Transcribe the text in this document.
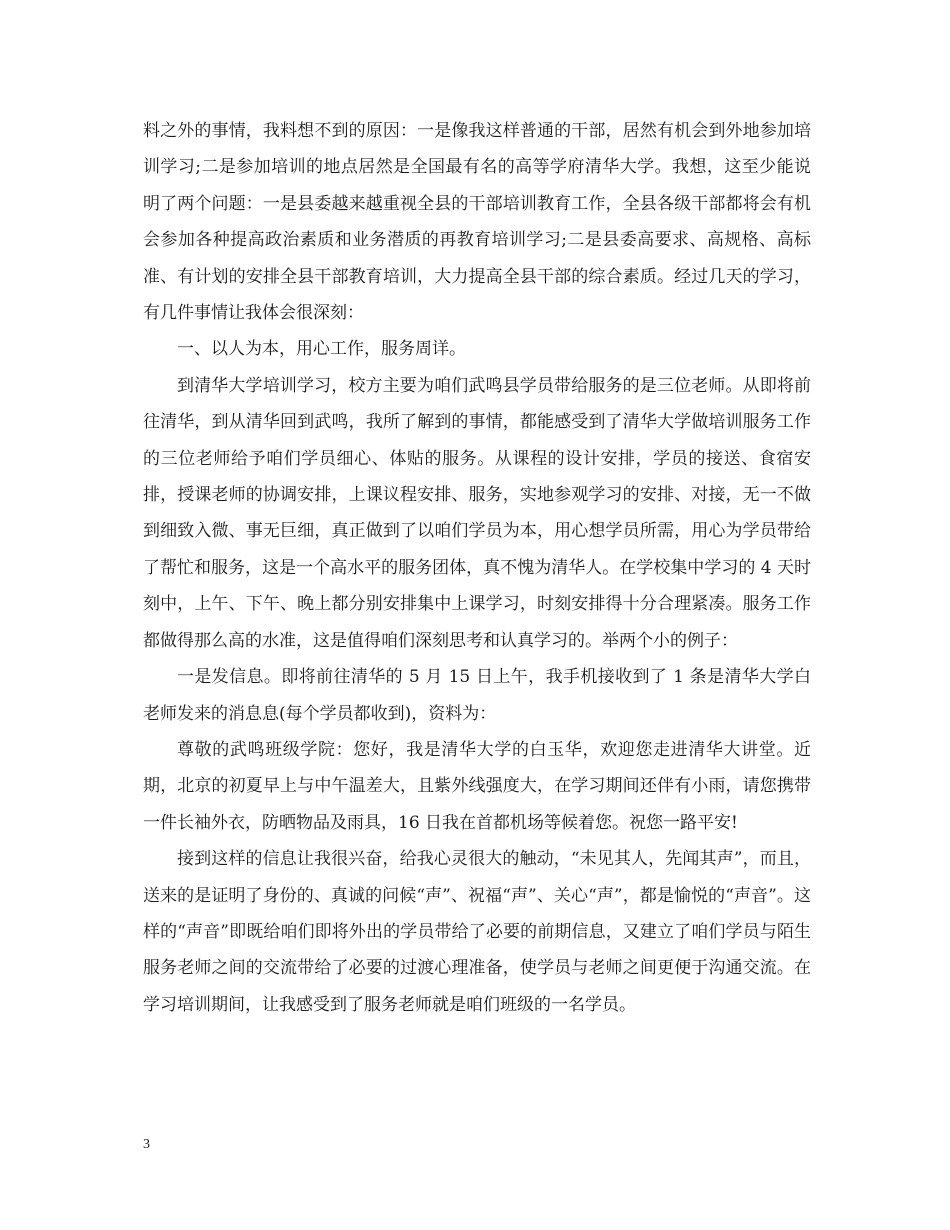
料之外的事情，我料想不到的原因：一是像我这样普通的干部，居然有机会到外地参加培训学习;二是参加培训的地点居然是全国最有名的高等学府清华大学。我想，这至少能说明了两个问题：一是县委越来越重视全县的干部培训教育工作，全县各级干部都将会有机会参加各种提高政治素质和业务潜质的再教育培训学习;二是县委高要求、高规格、高标准、有计划的安排全县干部教育培训，大力提高全县干部的综合素质。经过几天的学习，有几件事情让我体会很深刻：

一、以人为本，用心工作，服务周详。

到清华大学培训学习，校方主要为咱们武鸣县学员带给服务的是三位老师。从即将前往清华，到从清华回到武鸣，我所了解到的事情，都能感受到了清华大学做培训服务工作的三位老师给予咱们学员细心、体贴的服务。从课程的设计安排，学员的接送、食宿安排，授课老师的协调安排，上课议程安排、服务，实地参观学习的安排、对接，无一不做到细致入微、事无巨细，真正做到了以咱们学员为本，用心想学员所需，用心为学员带给了帮忙和服务，这是一个高水平的服务团体，真不愧为清华人。在学校集中学习的 4 天时刻中，上午、下午、晚上都分别安排集中上课学习，时刻安排得十分合理紧凑。服务工作都做得那么高的水准，这是值得咱们深刻思考和认真学习的。举两个小的例子：

一是发信息。即将前往清华的 5 月 15 日上午，我手机接收到了 1 条是清华大学白老师发来的消息息(每个学员都收到)，资料为：

尊敬的武鸣班级学院：您好，我是清华大学的白玉华，欢迎您走进清华大讲堂。近期，北京的初夏早上与中午温差大，且紫外线强度大，在学习期间还伴有小雨，请您携带一件长袖外衣，防晒物品及雨具，16 日我在首都机场等候着您。祝您一路平安!

接到这样的信息让我很兴奋，给我心灵很大的触动，“未见其人，先闻其声”，而且，送来的是证明了身份的、真诚的问候“声”、祝福“声”、关心“声”，都是愉悦的“声音”。这样的“声音”即既给咱们即将外出的学员带给了必要的前期信息，又建立了咱们学员与陌生服务老师之间的交流带给了必要的过渡心理准备，使学员与老师之间更便于沟通交流。在学习培训期间，让我感受到了服务老师就是咱们班级的一名学员。

3
